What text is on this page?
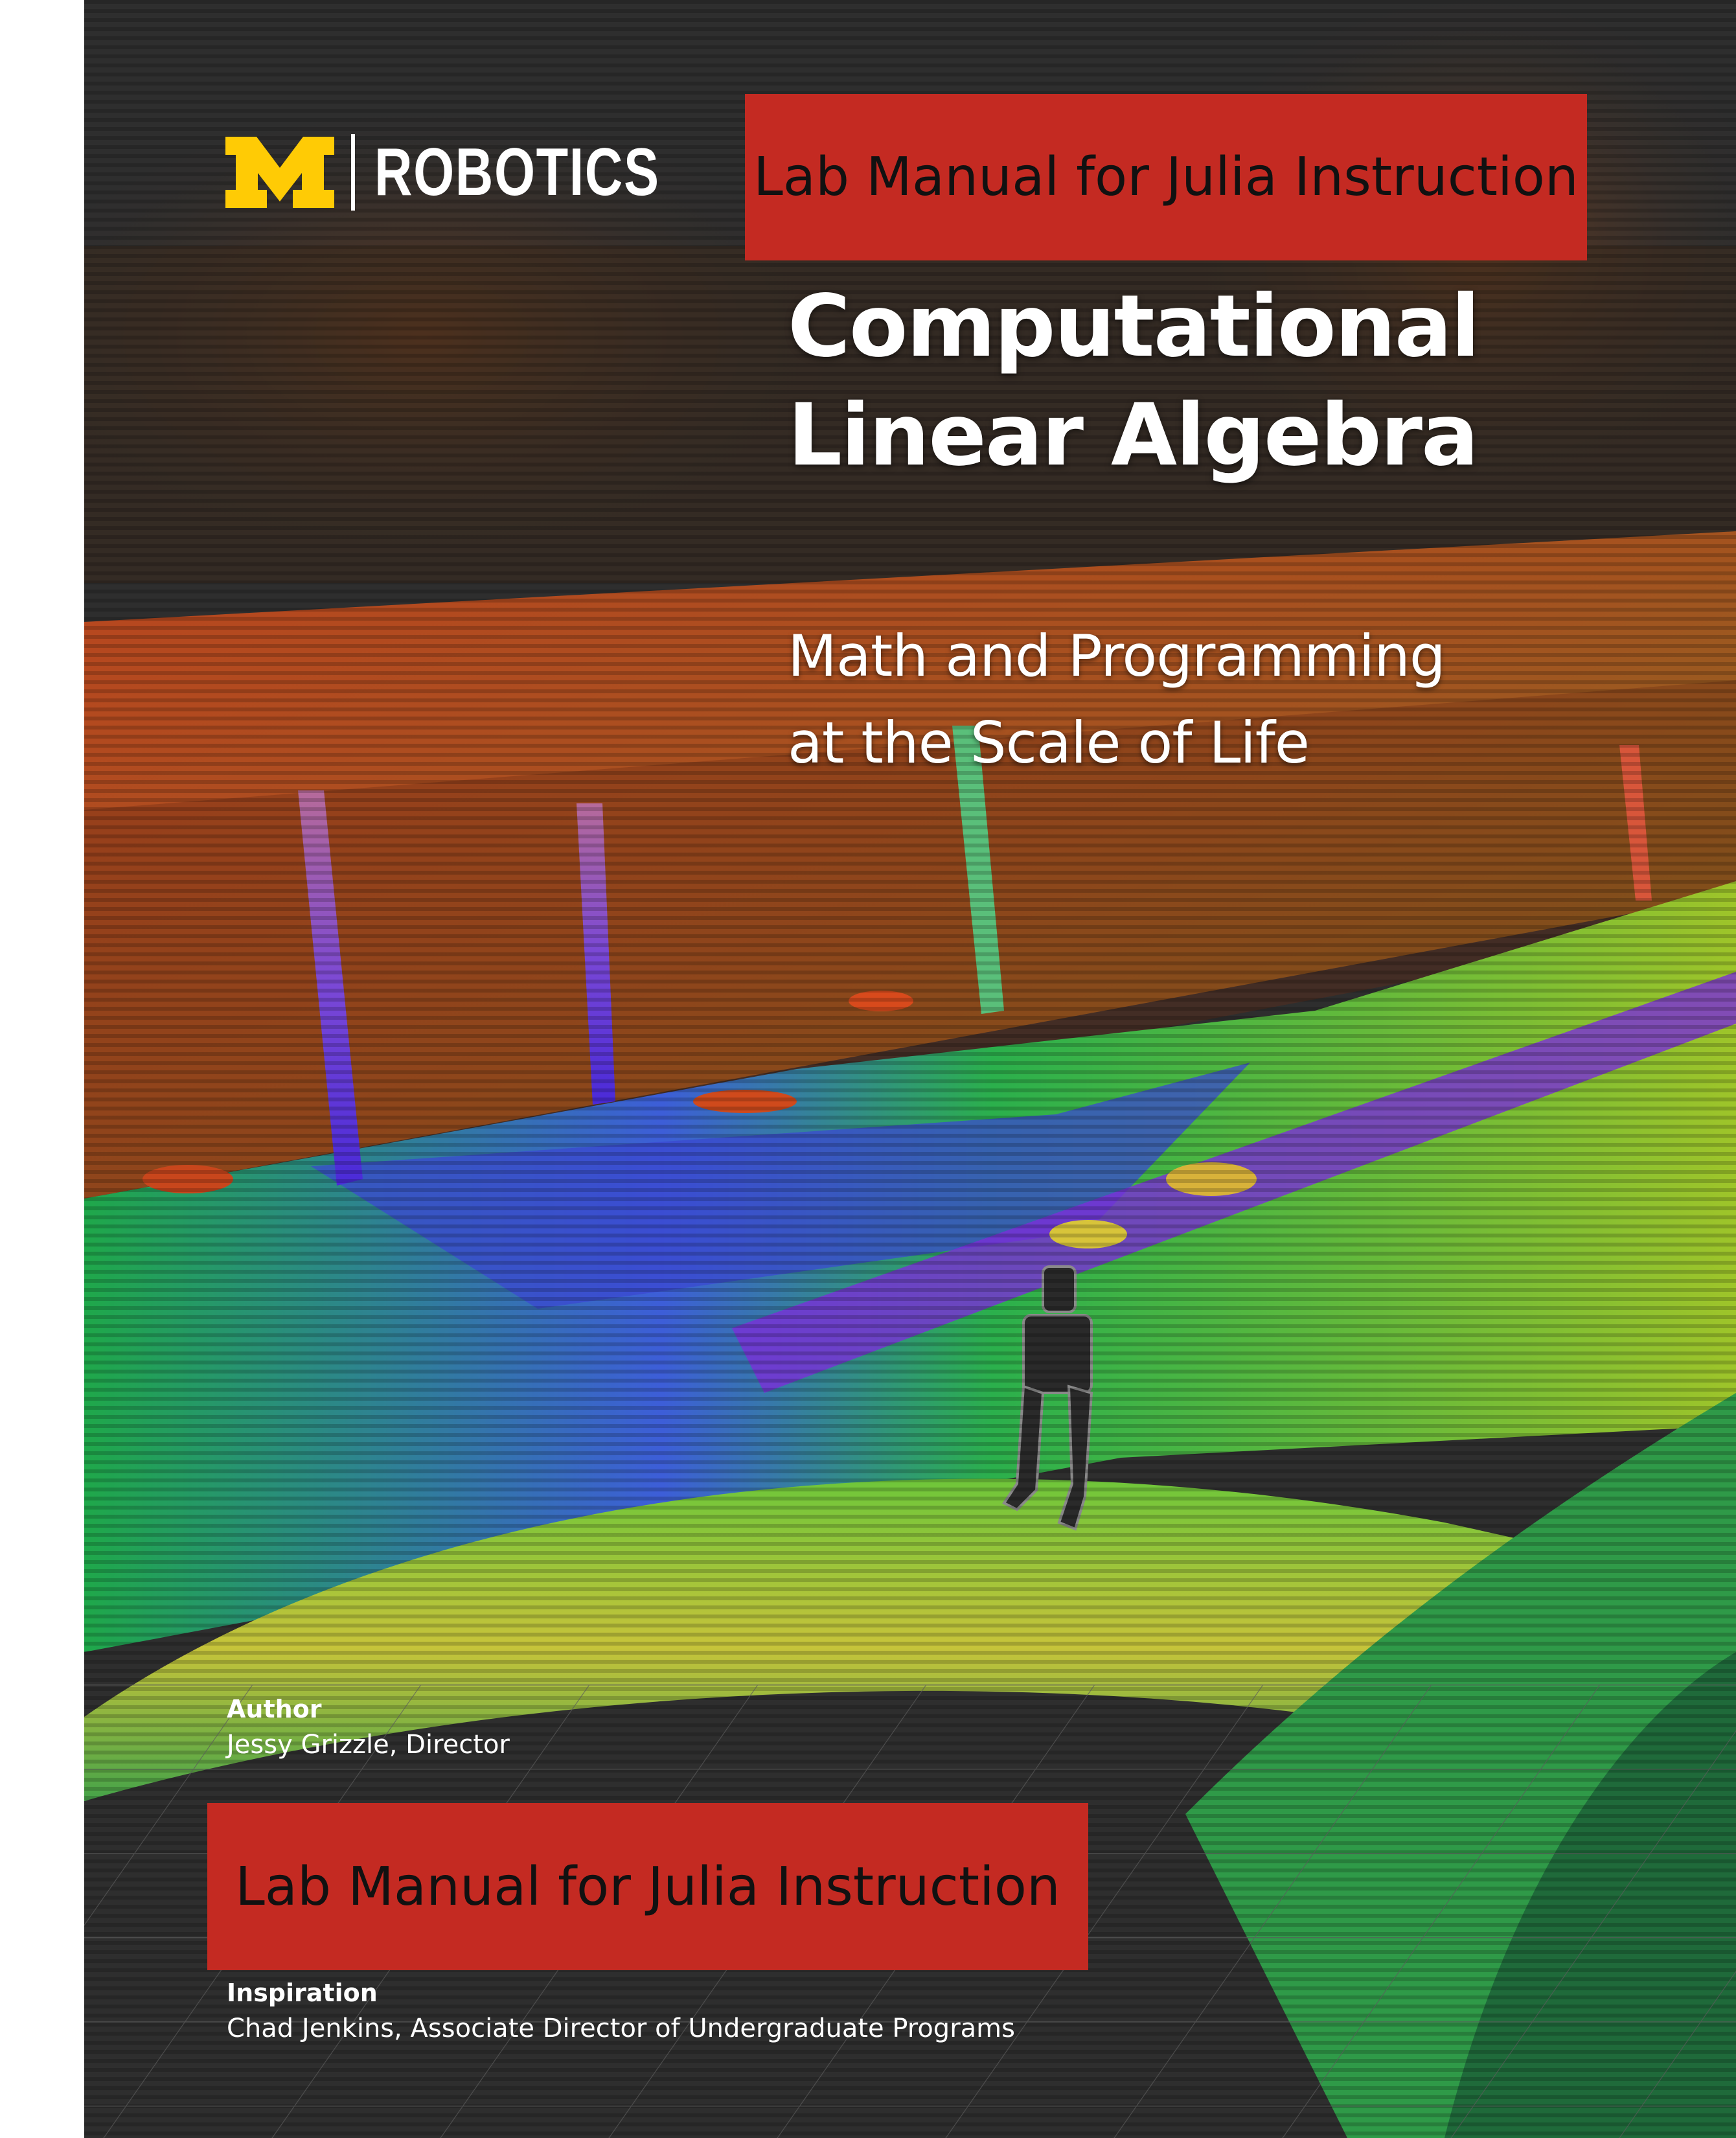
ROBOTICS Lab Manual for Julia Instruction
Computational
Linear Algebra
Math and Programming
at the Scale of Life
Author
Jessy Grizzle, Director
Lab Manual for Julia Instruction
Inspiration
Chad Jenkins, Associate Director of Undergraduate Programs
